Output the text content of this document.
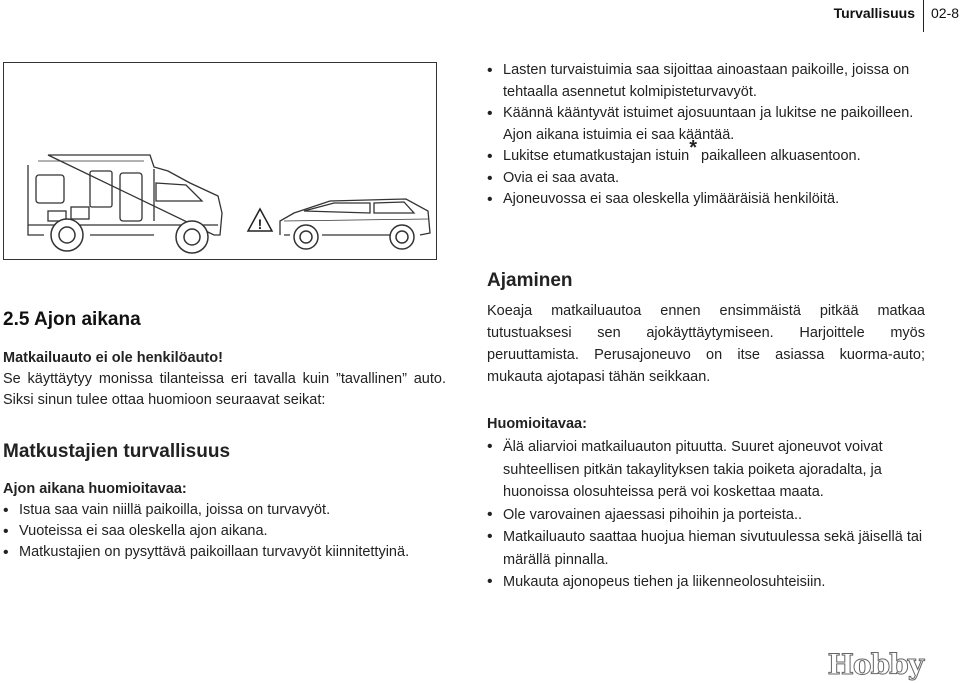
Turvallisuus 02-8
!
• Lasten turvaistuimia saa sijoittaa ainoastaan paikoille, joissa on tehtaalla asennetut kolmipisteturvavyöt.
• Käännä kääntyvät istuimet ajosuuntaan ja lukitse ne paikoilleen. Ajon aikana istuimia ei saa kääntää.
• Lukitse etumatkustajan istuin* paikalleen alkuasentoon.
• Ovia ei saa avata.
• Ajoneuvossa ei saa oleskella ylimääräisiä henkilöitä.
2.5 Ajon aikana
Matkailuauto ei ole henkilöauto!
Se käyttäytyy monissa tilanteissa eri tavalla kuin ”tavallinen” auto. Siksi sinun tulee ottaa huomioon seuraavat seikat:
Matkustajien turvallisuus
Ajon aikana huomioitavaa:
• Istua saa vain niillä paikoilla, joissa on turvavyöt.
• Vuoteissa ei saa oleskella ajon aikana.
• Matkustajien on pysyttävä paikoillaan turvavyöt kiinnitettyinä.
Ajaminen
Koeaja matkailuautoa ennen ensimmäistä pitkää matkaa tutustuaksesi sen ajokäyttäytymiseen. Harjoittele myös peruuttamista. Perusajoneuvo on itse asiassa kuorma-auto; mukauta ajotapasi tähän seikkaan.
Huomioitavaa:
• Älä aliarvioi matkailuauton pituutta. Suuret ajoneuvot voivat suhteellisen pitkän takaylityksen takia poiketa ajoradalta, ja huonoissa olosuhteissa perä voi koskettaa maata.
• Ole varovainen ajaessasi pihoihin ja porteista..
• Matkailuauto saattaa huojua hieman sivutuulessa sekä jäisellä tai märällä pinnalla.
• Mukauta ajonopeus tiehen ja liikenneolosuhteisiin.
Hobby
